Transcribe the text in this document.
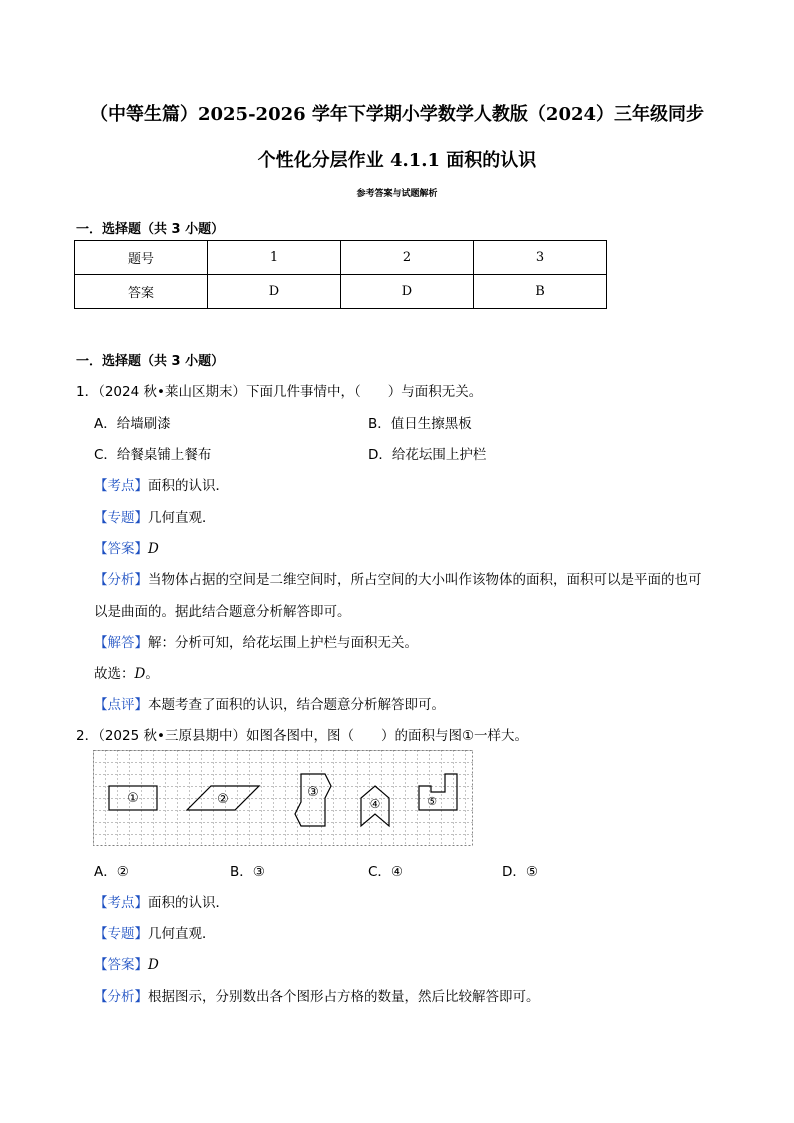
（中等生篇）2025-2026 学年下学期小学数学人教版（2024）三年级同步
个性化分层作业 4.1.1 面积的认识
参考答案与试题解析
一．选择题（共 3 小题）
题号	1	2	3
答案	D	D	B
一．选择题（共 3 小题）
1．（2024 秋•莱山区期末）下面几件事情中，（　　）与面积无关。
A．给墙刷漆	B．值日生擦黑板
C．给餐桌铺上餐布	D．给花坛围上护栏
【考点】面积的认识．
【专题】几何直观．
【答案】D
【分析】当物体占据的空间是二维空间时，所占空间的大小叫作该物体的面积，面积可以是平面的也可
以是曲面的。据此结合题意分析解答即可。
【解答】解：分析可知，给花坛围上护栏与面积无关。
故选：D。
【点评】本题考查了面积的认识，结合题意分析解答即可。
2．（2025 秋•三原县期中）如图各图中，图（　　）的面积与图①一样大。
①	②	③
④	⑤
A．②	B．③	C．④	D．⑤
【考点】面积的认识．
【专题】几何直观．
【答案】D
【分析】根据图示，分别数出各个图形占方格的数量，然后比较解答即可。
